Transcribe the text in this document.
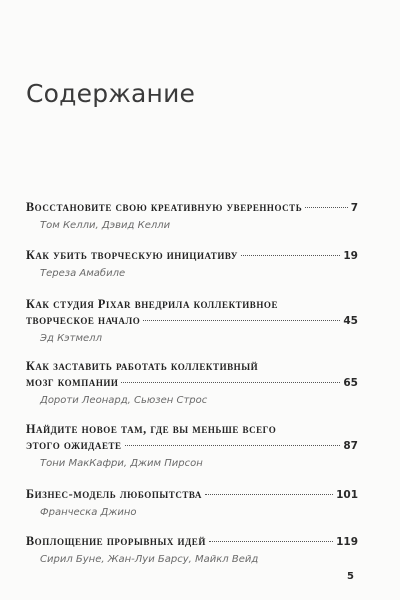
Содержание
Восстановите свою креативную уверенность	7
Том Келли, Дэвид Келли
Как убить творческую инициативу	19
Тереза Амабиле
Как студия Pixar внедрила коллективное
творческое начало	45
Эд Кэтмелл
Как заставить работать коллективный
мозг компании	65
Дороти Леонард, Сьюзен Строс
Найдите новое там, где вы меньше всего
этого ожидаете	87
Тони МакКафри, Джим Пирсон
Бизнес-модель любопытства	101
Франческа Джино
Воплощение прорывных идей	119
Сирил Буне, Жан-Луи Барсу, Майкл Вейд
5
